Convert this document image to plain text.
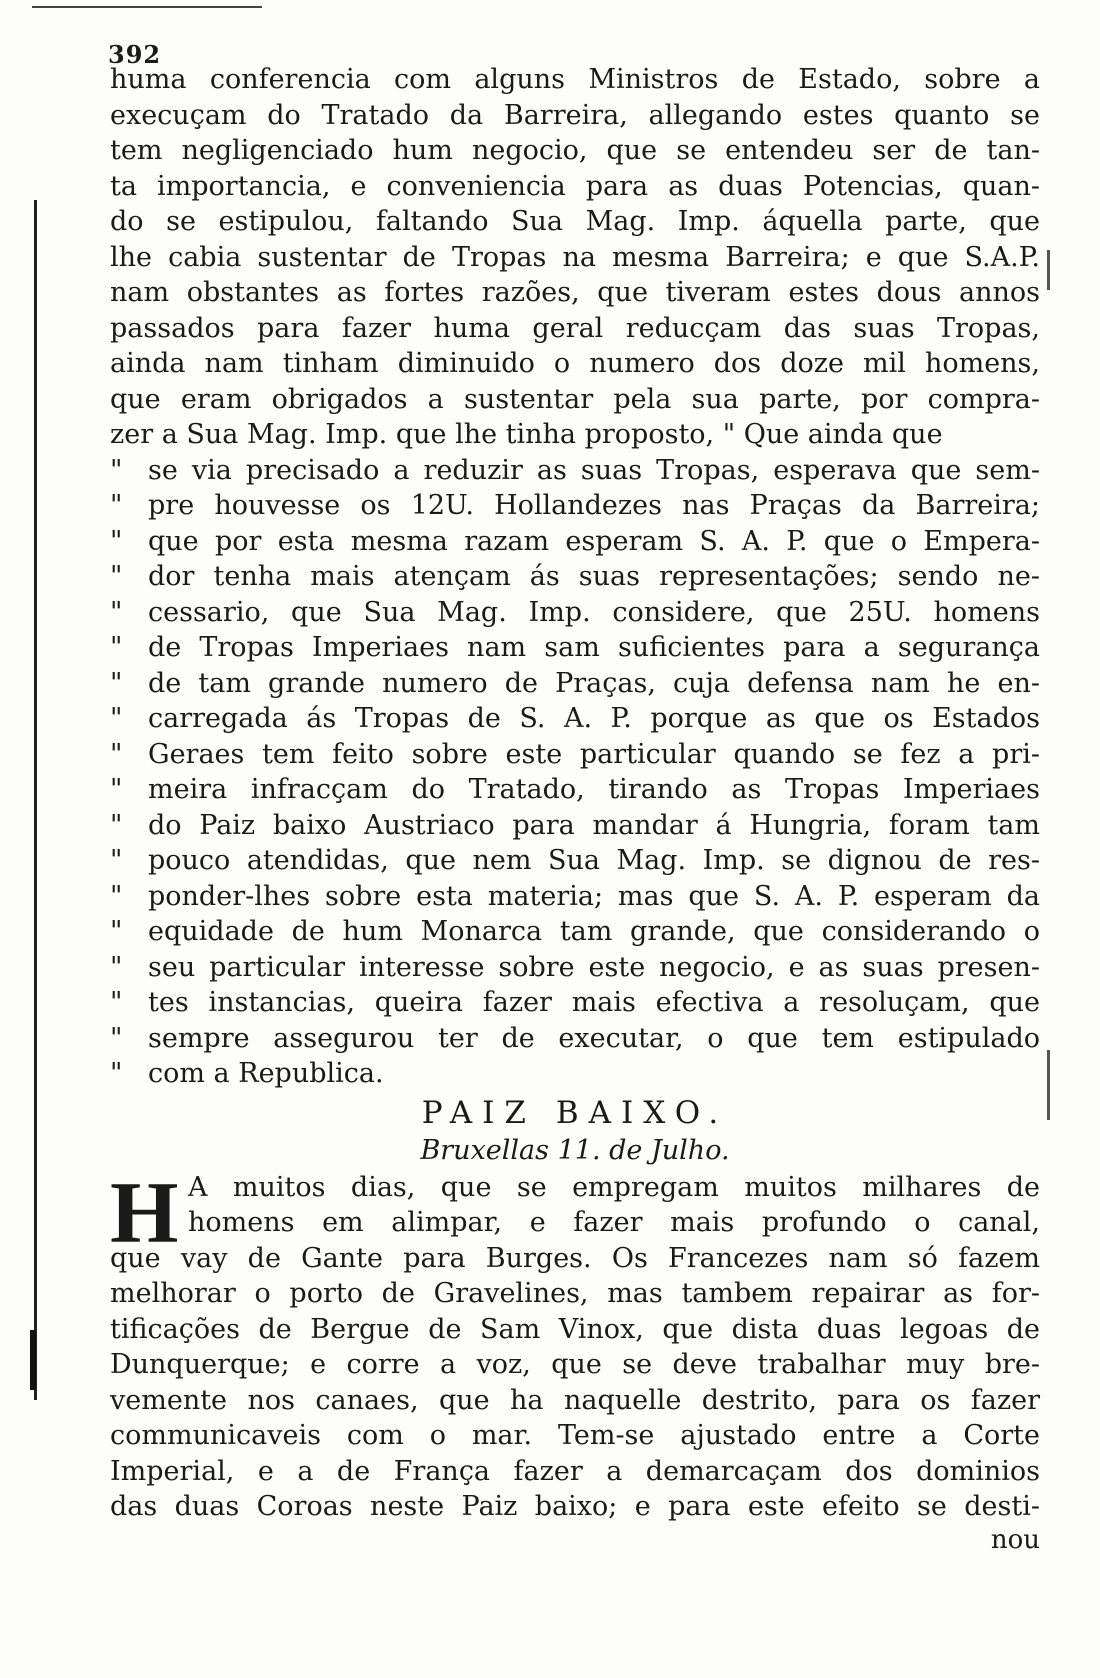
392
huma conferencia com alguns Ministros de Estado, sobre a
execuçam do Tratado da Barreira, allegando estes quanto se
tem negligenciado hum negocio, que se entendeu ser de tan-
ta importancia, e conveniencia para as duas Potencias, quan-
do se estipulou, faltando Sua Mag. Imp. áquella parte, que
lhe cabia sustentar de Tropas na mesma Barreira; e que S.A.P.
nam obstantes as fortes razões, que tiveram estes dous annos
passados para fazer huma geral reducçam das suas Tropas,
ainda nam tinham diminuido o numero dos doze mil homens,
que eram obrigados a sustentar pela sua parte, por compra-
zer a Sua Mag. Imp. que lhe tinha proposto, " Que ainda que
" se via precisado a reduzir as suas Tropas, esperava que sem-
" pre houvesse os 12U. Hollandezes nas Praças da Barreira;
" que por esta mesma razam esperam S. A. P. que o Empera-
" dor tenha mais atençam ás suas representações; sendo ne-
" cessario, que Sua Mag. Imp. considere, que 25U. homens
" de Tropas Imperiaes nam sam suficientes para a segurança
" de tam grande numero de Praças, cuja defensa nam he en-
" carregada ás Tropas de S. A. P. porque as que os Estados
" Geraes tem feito sobre este particular quando se fez a pri-
" meira infracçam do Tratado, tirando as Tropas Imperiaes
" do Paiz baixo Austriaco para mandar á Hungria, foram tam
" pouco atendidas, que nem Sua Mag. Imp. se dignou de res-
" ponder-lhes sobre esta materia; mas que S. A. P. esperam da
" equidade de hum Monarca tam grande, que considerando o
" seu particular interesse sobre este negocio, e as suas presen-
" tes instancias, queira fazer mais efectiva a resoluçam, que
" sempre assegurou ter de executar, o que tem estipulado
" com a Republica.
PAIZ BAIXO.
Bruxellas 11. de Julho.
H A muitos dias, que se empregam muitos milhares de
homens em alimpar, e fazer mais profundo o canal,
que vay de Gante para Burges. Os Francezes nam só fazem
melhorar o porto de Gravelines, mas tambem repairar as for-
tificações de Bergue de Sam Vinox, que dista duas legoas de
Dunquerque; e corre a voz, que se deve trabalhar muy bre-
vemente nos canaes, que ha naquelle destrito, para os fazer
communicaveis com o mar. Tem-se ajustado entre a Corte
Imperial, e a de França fazer a demarcaçam dos dominios
das duas Coroas neste Paiz baixo; e para este efeito se desti-
nou
